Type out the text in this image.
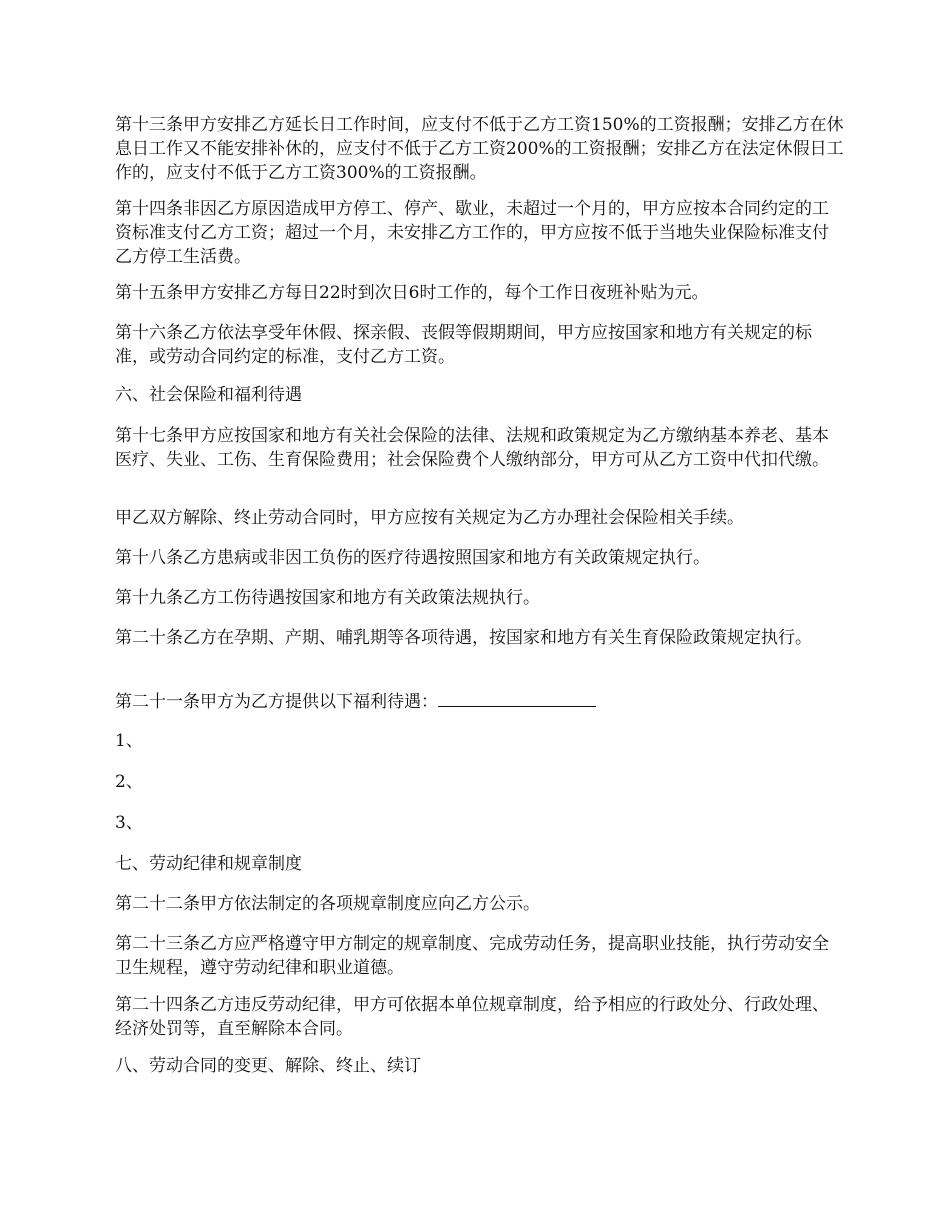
第十三条甲方安排乙方延长日工作时间，应支付不低于乙方工资150%的工资报酬；安排乙方在休息日工作又不能安排补休的，应支付不低于乙方工资200%的工资报酬；安排乙方在法定休假日工作的，应支付不低于乙方工资300%的工资报酬。

第十四条非因乙方原因造成甲方停工、停产、歇业，未超过一个月的，甲方应按本合同约定的工资标准支付乙方工资；超过一个月，未安排乙方工作的，甲方应按不低于当地失业保险标准支付乙方停工生活费。

第十五条甲方安排乙方每日22时到次日6时工作的，每个工作日夜班补贴为元。

第十六条乙方依法享受年休假、探亲假、丧假等假期期间，甲方应按国家和地方有关规定的标准，或劳动合同约定的标准，支付乙方工资。

六、社会保险和福利待遇

第十七条甲方应按国家和地方有关社会保险的法律、法规和政策规定为乙方缴纳基本养老、基本医疗、失业、工伤、生育保险费用；社会保险费个人缴纳部分，甲方可从乙方工资中代扣代缴。

甲乙双方解除、终止劳动合同时，甲方应按有关规定为乙方办理社会保险相关手续。

第十八条乙方患病或非因工负伤的医疗待遇按照国家和地方有关政策规定执行。

第十九条乙方工伤待遇按国家和地方有关政策法规执行。

第二十条乙方在孕期、产期、哺乳期等各项待遇，按国家和地方有关生育保险政策规定执行。

第二十一条甲方为乙方提供以下福利待遇：

1、

2、

3、

七、劳动纪律和规章制度

第二十二条甲方依法制定的各项规章制度应向乙方公示。

第二十三条乙方应严格遵守甲方制定的规章制度、完成劳动任务，提高职业技能，执行劳动安全卫生规程，遵守劳动纪律和职业道德。

第二十四条乙方违反劳动纪律，甲方可依据本单位规章制度，给予相应的行政处分、行政处理、经济处罚等，直至解除本合同。

八、劳动合同的变更、解除、终止、续订
